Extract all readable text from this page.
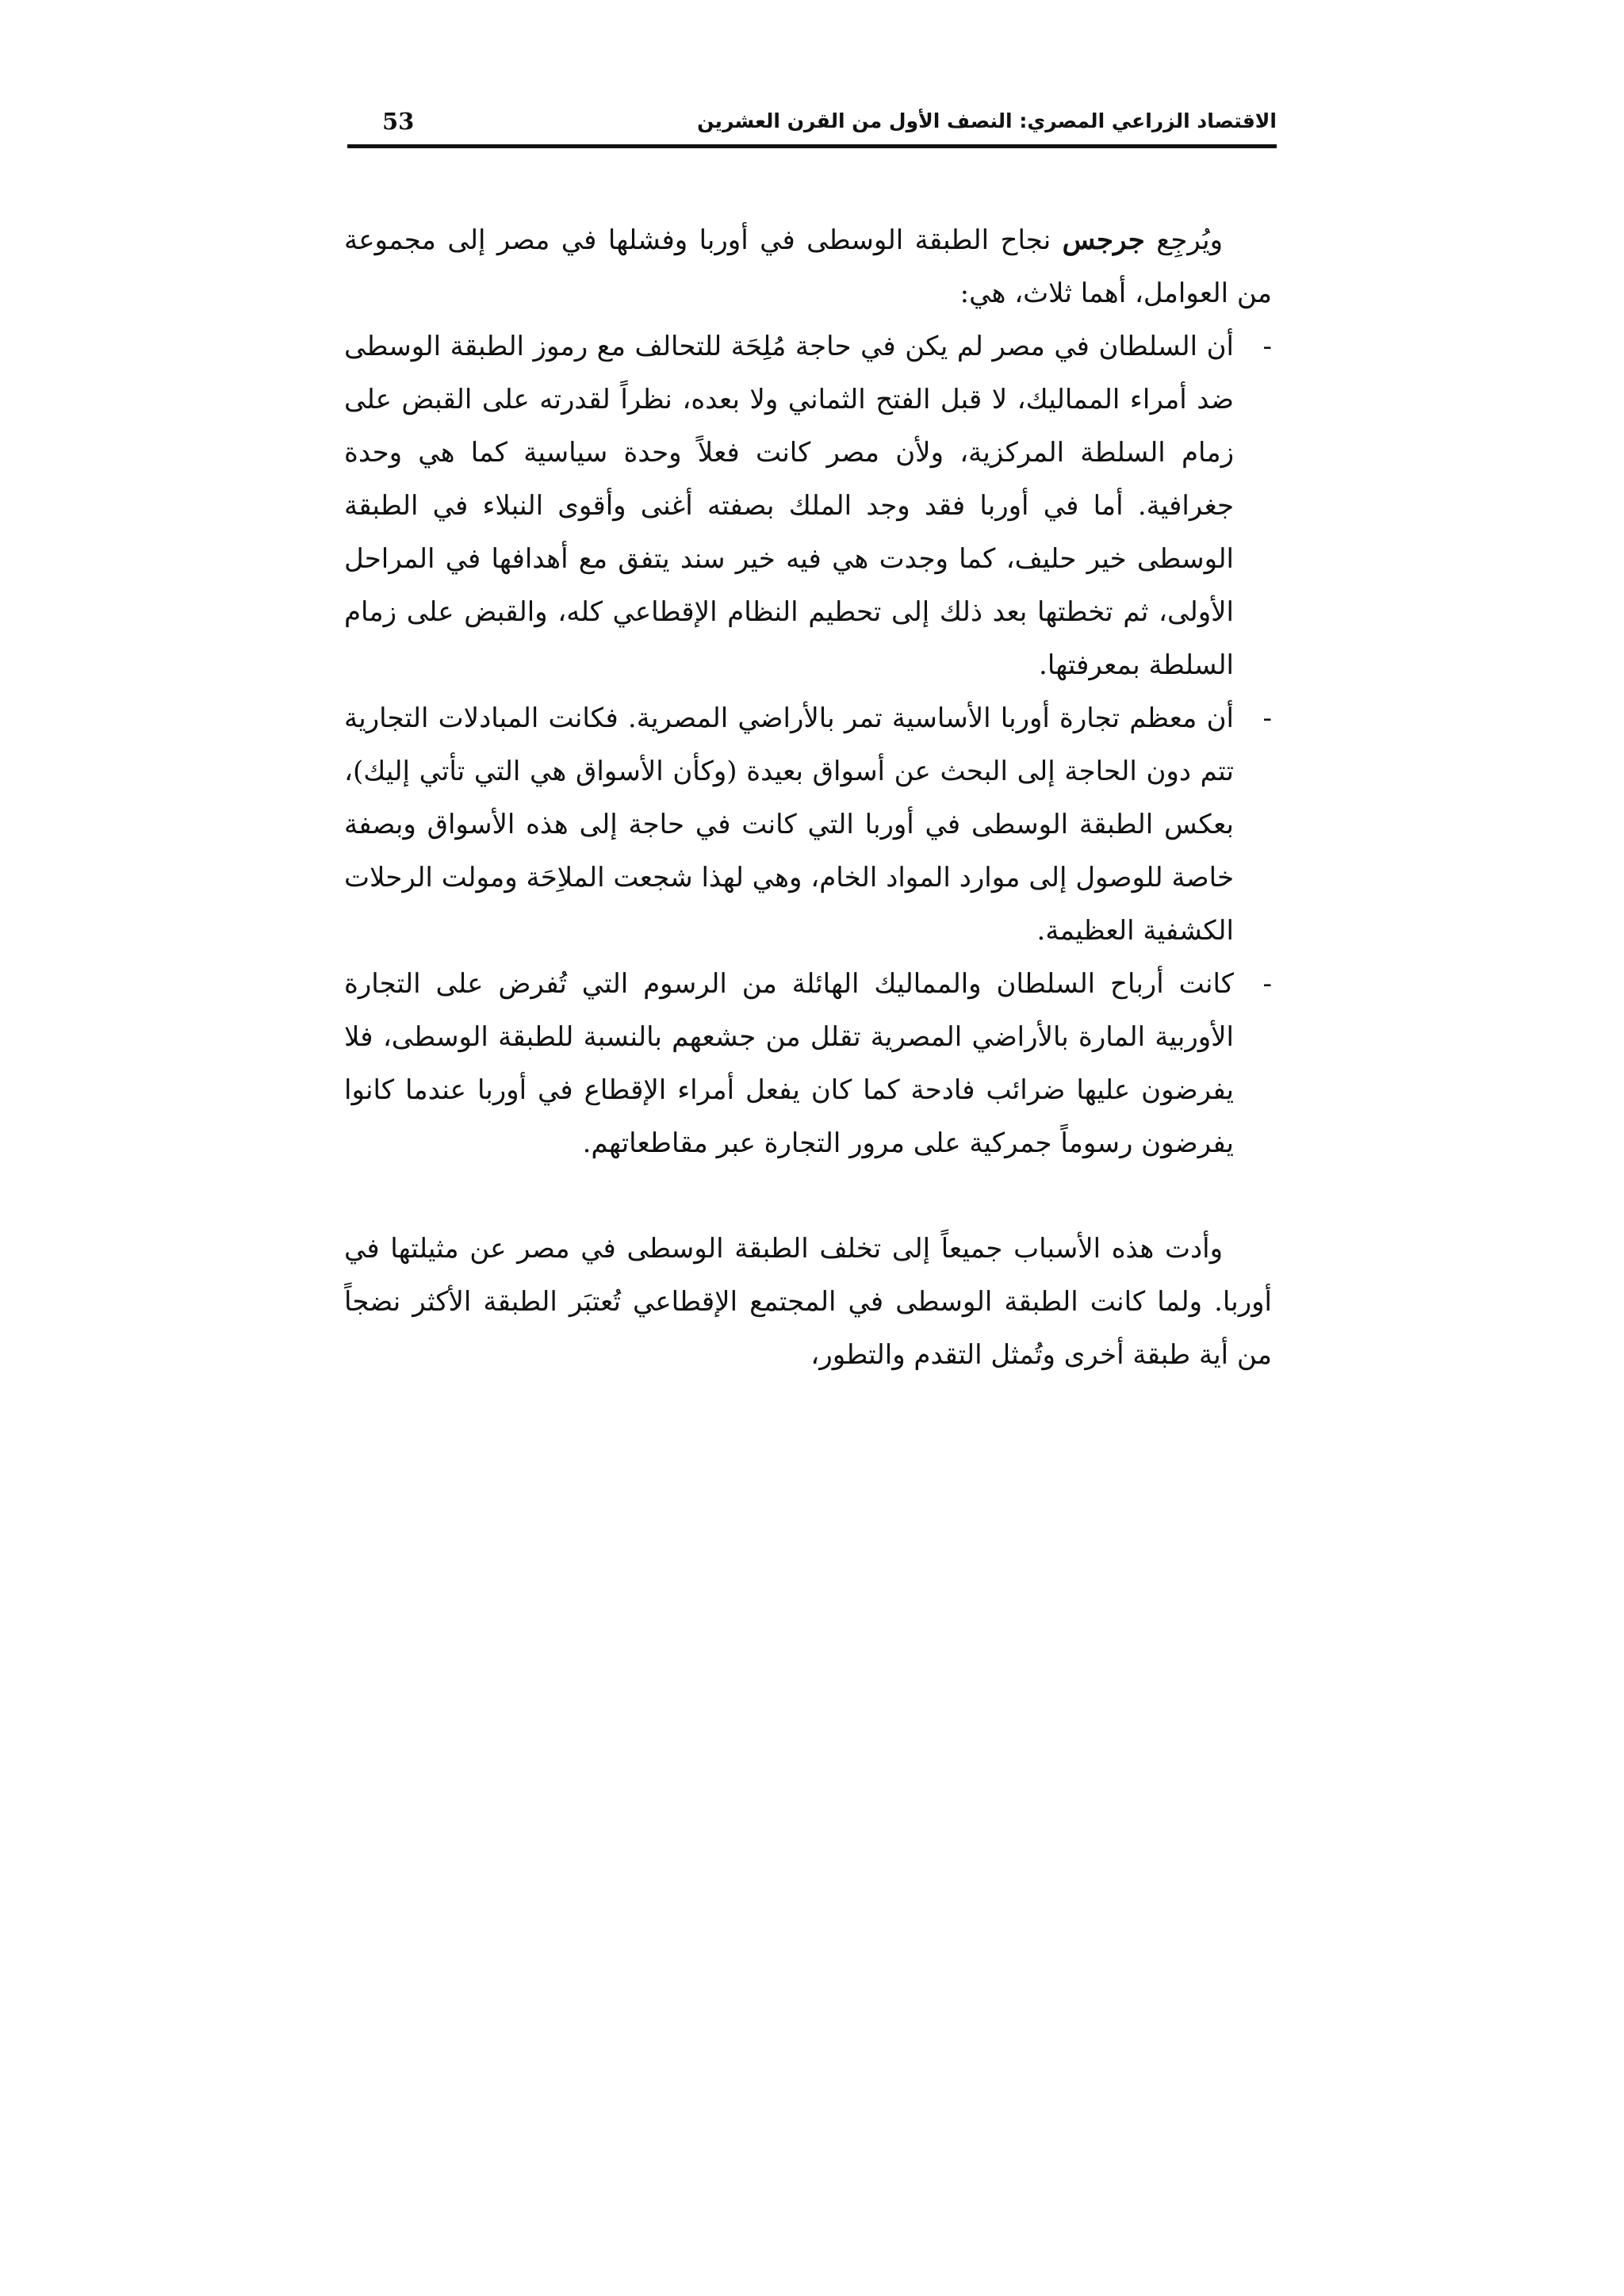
الاقتصاد الزراعي المصري: النصف الأول من القرن العشرين
53

ويُرجِع جرجس نجاح الطبقة الوسطى في أوربا وفشلها في مصر إلى مجموعة من العوامل، أهما ثلاث، هي:

-
أن السلطان في مصر لم يكن في حاجة مُلِحَة للتحالف مع رموز الطبقة الوسطى ضد أمراء المماليك، لا قبل الفتح الثماني ولا بعده، نظراً لقدرته على القبض على زمام السلطة المركزية، ولأن مصر كانت فعلاً وحدة سياسية كما هي وحدة جغرافية. أما في أوربا فقد وجد الملك بصفته أغنى وأقوى النبلاء في الطبقة الوسطى خير حليف، كما وجدت هي فيه خير سند يتفق مع أهدافها في المراحل الأولى، ثم تخطتها بعد ذلك إلى تحطيم النظام الإقطاعي كله، والقبض على زمام السلطة بمعرفتها.
-
أن معظم تجارة أوربا الأساسية تمر بالأراضي المصرية. فكانت المبادلات التجارية تتم دون الحاجة إلى البحث عن أسواق بعيدة (وكأن الأسواق هي التي تأتي إليك)، بعكس الطبقة الوسطى في أوربا التي كانت في حاجة إلى هذه الأسواق وبصفة خاصة للوصول إلى موارد المواد الخام، وهي لهذا شجعت الملاِحَة ومولت الرحلات الكشفية العظيمة.
-
كانت أرباح السلطان والمماليك الهائلة من الرسوم التي تُفرض على التجارة الأوربية المارة بالأراضي المصرية تقلل من جشعهم بالنسبة للطبقة الوسطى، فلا يفرضون عليها ضرائب فادحة كما كان يفعل أمراء الإقطاع في أوربا عندما كانوا يفرضون رسوماً جمركية على مرور التجارة عبر مقاطعاتهم.

وأدت هذه الأسباب جميعاً إلى تخلف الطبقة الوسطى في مصر عن مثيلتها في أوربا. ولما كانت الطبقة الوسطى في المجتمع الإقطاعي تُعتبَر الطبقة الأكثر نضجاً من أية طبقة أخرى وتُمثل التقدم والتطور،
